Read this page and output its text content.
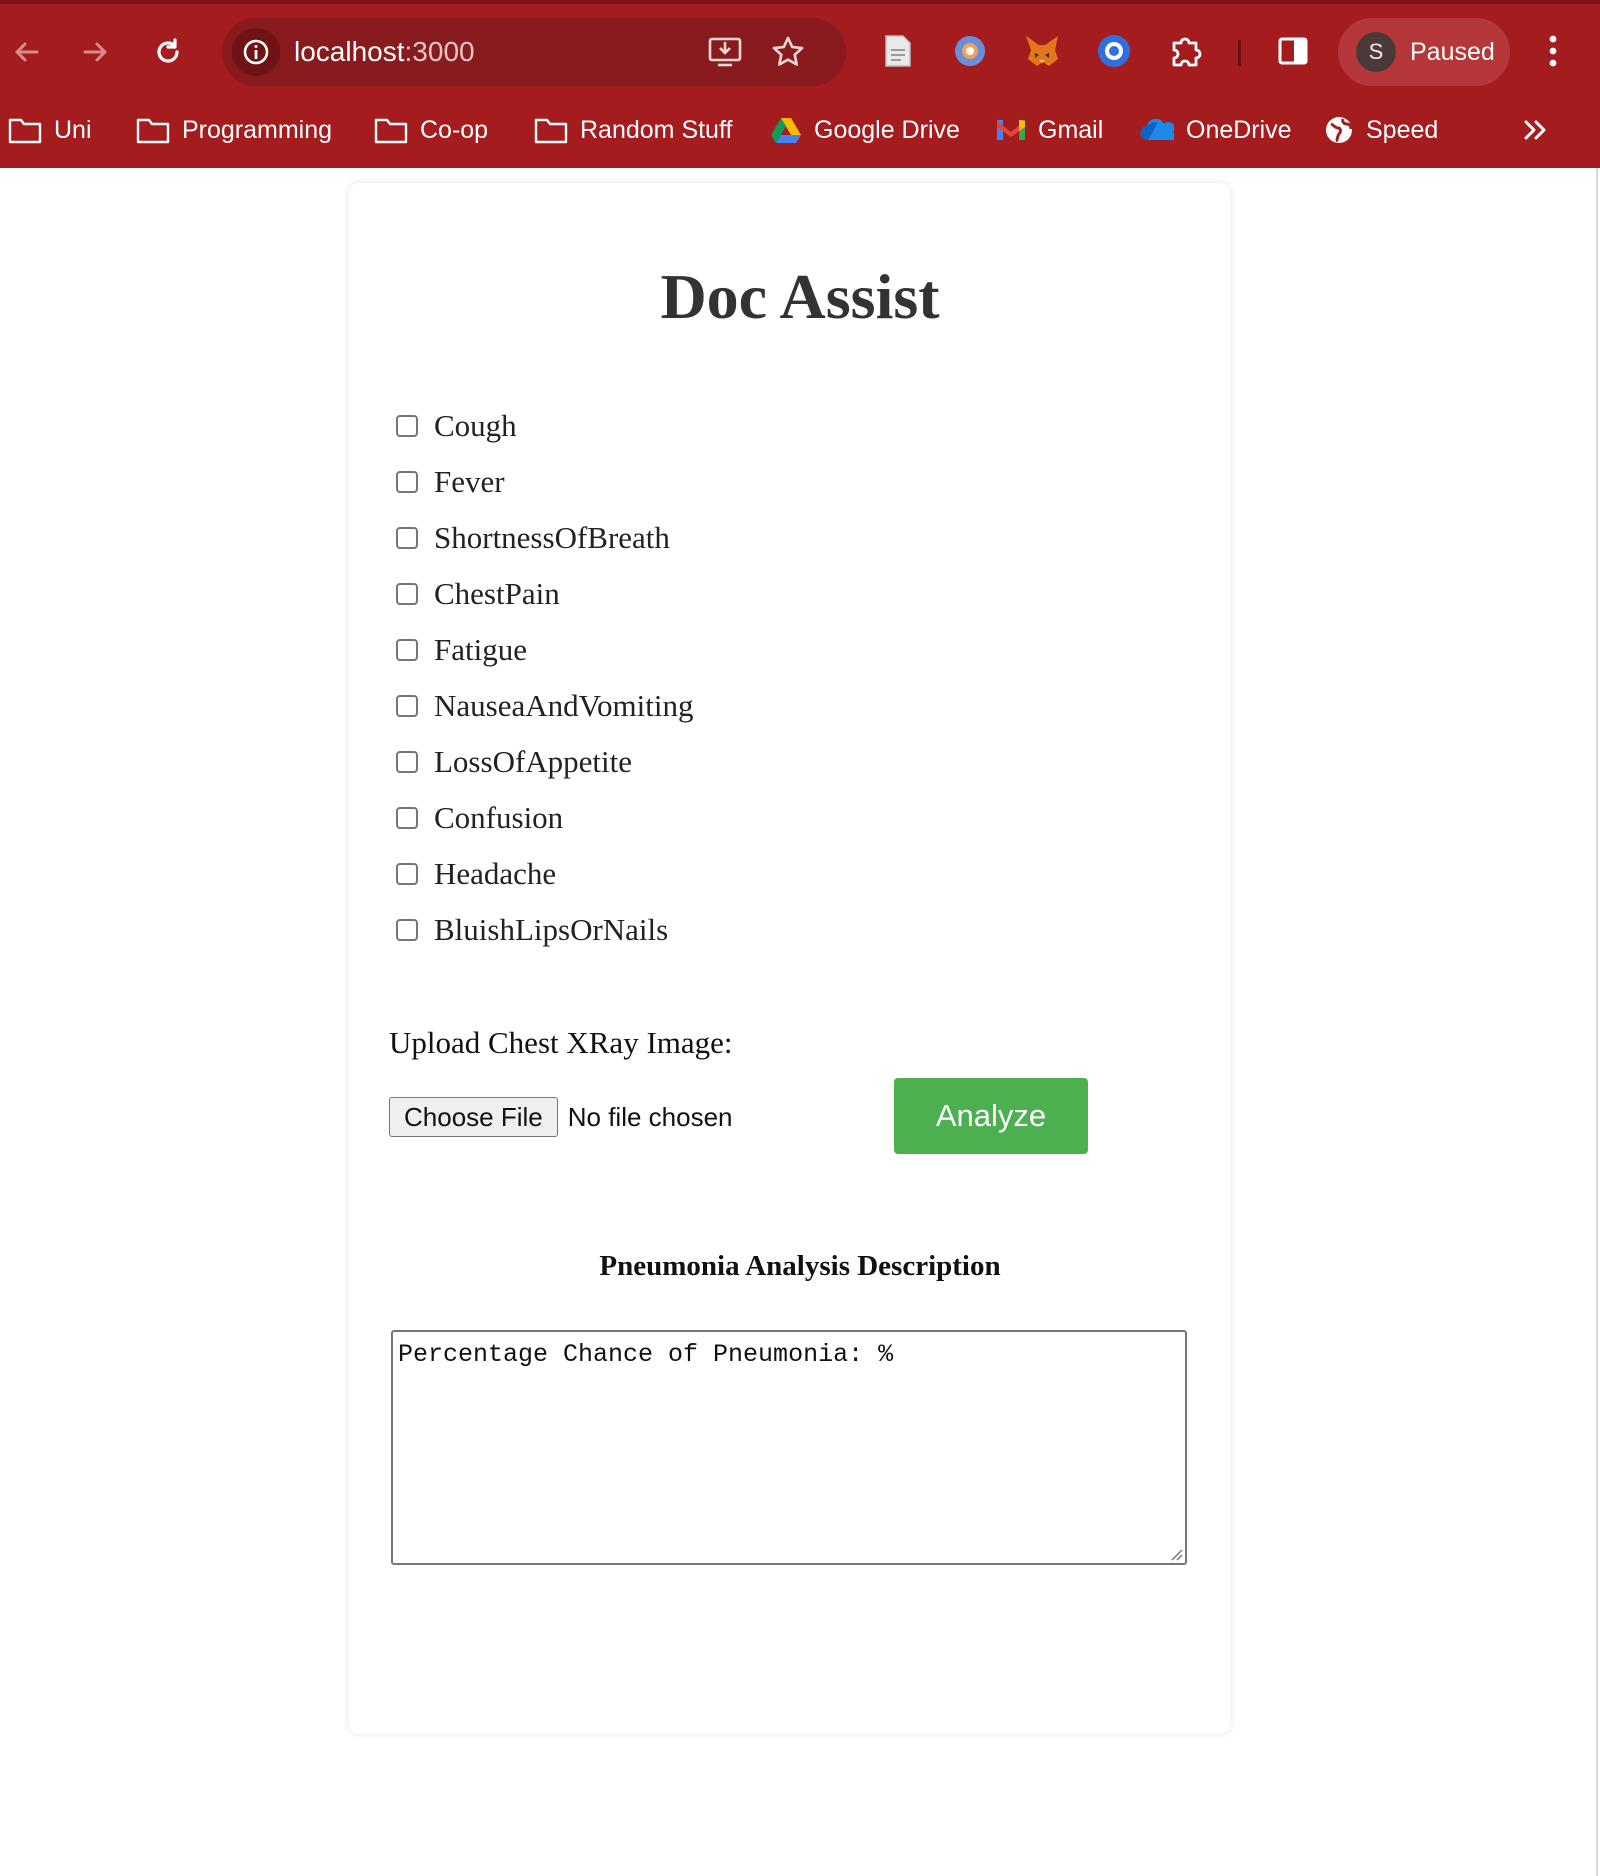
localhost:3000	S	Paused
Uni	Programming	Co-op	Random Stuff	Google Drive	Gmail	OneDrive	Speed
Doc Assist
Cough
Fever
ShortnessOfBreath
ChestPain
Fatigue
NauseaAndVomiting
LossOfAppetite
Confusion
Headache
BluishLipsOrNails
Upload Chest XRay Image:
Choose File No file chosen	Analyze
Pneumonia Analysis Description
Percentage Chance of Pneumonia: %
